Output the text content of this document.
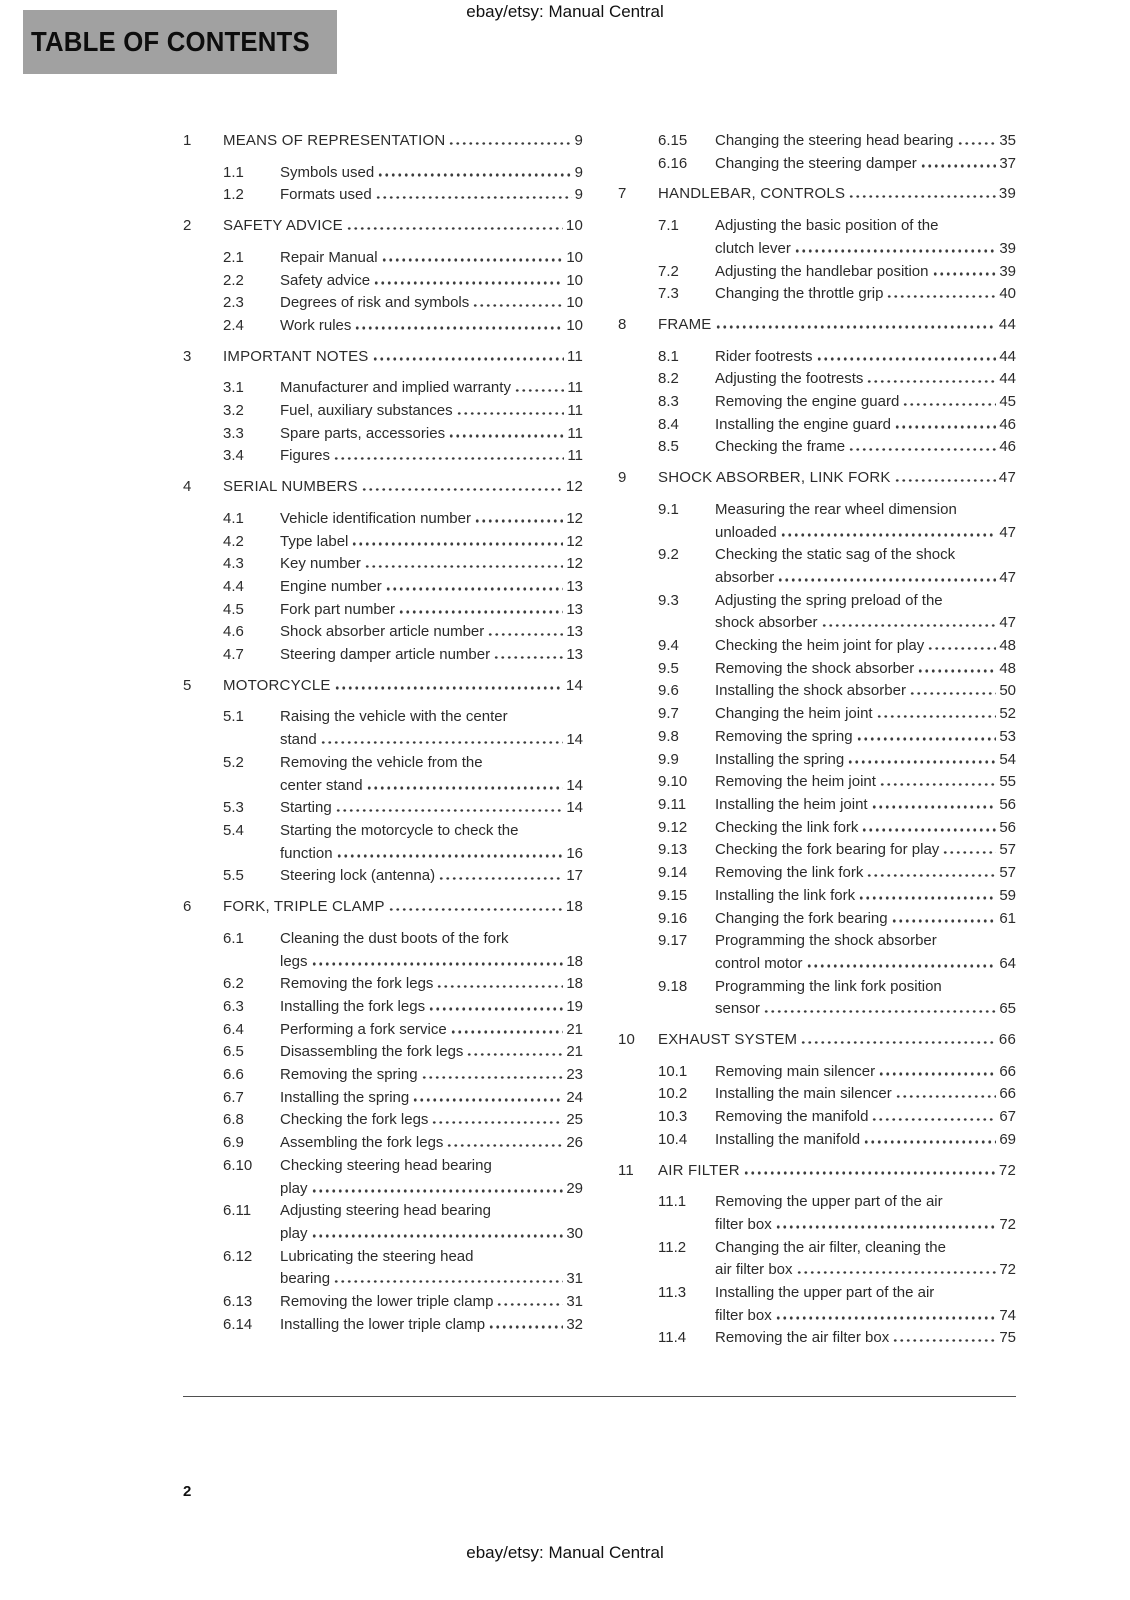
ebay/etsy: Manual Central
TABLE OF CONTENTS
1	MEANS OF REPRESENTATION	9
1.1	Symbols used	9
1.2	Formats used	9
2	SAFETY ADVICE	10
2.1	Repair Manual	10
2.2	Safety advice	10
2.3	Degrees of risk and symbols	10
2.4	Work rules	10
3	IMPORTANT NOTES	11
3.1	Manufacturer and implied warranty	11
3.2	Fuel, auxiliary substances	11
3.3	Spare parts, accessories	11
3.4	Figures	11
4	SERIAL NUMBERS	12
4.1	Vehicle identification number	12
4.2	Type label	12
4.3	Key number	12
4.4	Engine number	13
4.5	Fork part number	13
4.6	Shock absorber article number	13
4.7	Steering damper article number	13
5	MOTORCYCLE	14
5.1	Raising the vehicle with the center
stand	14
5.2	Removing the vehicle from the
center stand	14
5.3	Starting	14
5.4	Starting the motorcycle to check the
function	16
5.5	Steering lock (antenna)	17
6	FORK, TRIPLE CLAMP	18
6.1	Cleaning the dust boots of the fork
legs	18
6.2	Removing the fork legs	18
6.3	Installing the fork legs	19
6.4	Performing a fork service	21
6.5	Disassembling the fork legs	21
6.6	Removing the spring	23
6.7	Installing the spring	24
6.8	Checking the fork legs	25
6.9	Assembling the fork legs	26
6.10	Checking steering head bearing
play	29
6.11	Adjusting steering head bearing
play	30
6.12	Lubricating the steering head
bearing	31
6.13	Removing the lower triple clamp	31
6.14	Installing the lower triple clamp	32
6.15	Changing the steering head bearing	35
6.16	Changing the steering damper	37
7	HANDLEBAR, CONTROLS	39
7.1	Adjusting the basic position of the
clutch lever	39
7.2	Adjusting the handlebar position	39
7.3	Changing the throttle grip	40
8	FRAME	44
8.1	Rider footrests	44
8.2	Adjusting the footrests	44
8.3	Removing the engine guard	45
8.4	Installing the engine guard	46
8.5	Checking the frame	46
9	SHOCK ABSORBER, LINK FORK	47
9.1	Measuring the rear wheel dimension
unloaded	47
9.2	Checking the static sag of the shock
absorber	47
9.3	Adjusting the spring preload of the
shock absorber	47
9.4	Checking the heim joint for play	48
9.5	Removing the shock absorber	48
9.6	Installing the shock absorber	50
9.7	Changing the heim joint	52
9.8	Removing the spring	53
9.9	Installing the spring	54
9.10	Removing the heim joint	55
9.11	Installing the heim joint	56
9.12	Checking the link fork	56
9.13	Checking the fork bearing for play	57
9.14	Removing the link fork	57
9.15	Installing the link fork	59
9.16	Changing the fork bearing	61
9.17	Programming the shock absorber
control motor	64
9.18	Programming the link fork position
sensor	65
10	EXHAUST SYSTEM	66
10.1	Removing main silencer	66
10.2	Installing the main silencer	66
10.3	Removing the manifold	67
10.4	Installing the manifold	69
11	AIR FILTER	72
11.1	Removing the upper part of the air
filter box	72
11.2	Changing the air filter, cleaning the
air filter box	72
11.3	Installing the upper part of the air
filter box	74
11.4	Removing the air filter box	75
2
ebay/etsy: Manual Central
